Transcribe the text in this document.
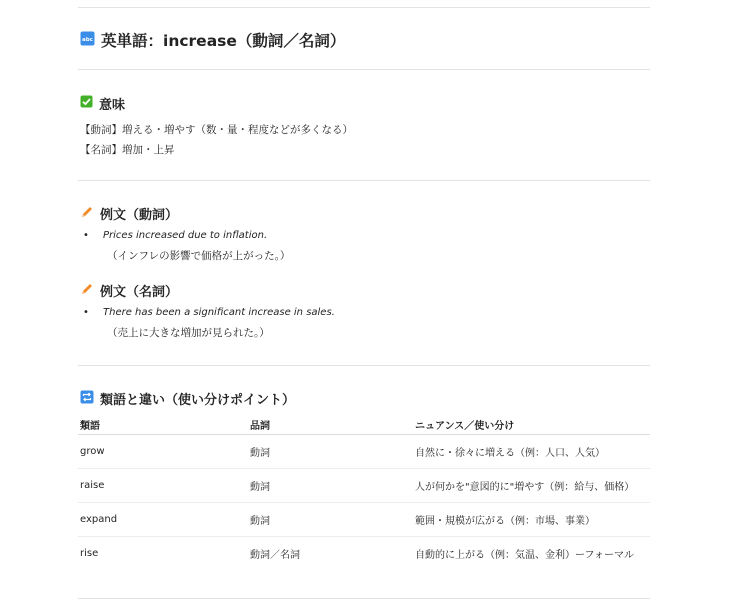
abc 英単語：increase（動詞／名詞）
意味
【動詞】増える・増やす（数・量・程度などが多くなる）
【名詞】増加・上昇
例文（動詞）
• Prices increased due to inflation.
（インフレの影響で価格が上がった。）
例文（名詞）
• There has been a significant increase in sales.
（売上に大きな増加が見られた。）
類語と違い（使い分けポイント）
類語	品詞	ニュアンス／使い分け
grow	動詞	自然に・徐々に増える（例：人口、人気）
raise	動詞	人が何かを"意図的に"増やす（例：給与、価格）
expand	動詞	範囲・規模が広がる（例：市場、事業）
rise	動詞／名詞	自動的に上がる（例：気温、金利）ーフォーマル
